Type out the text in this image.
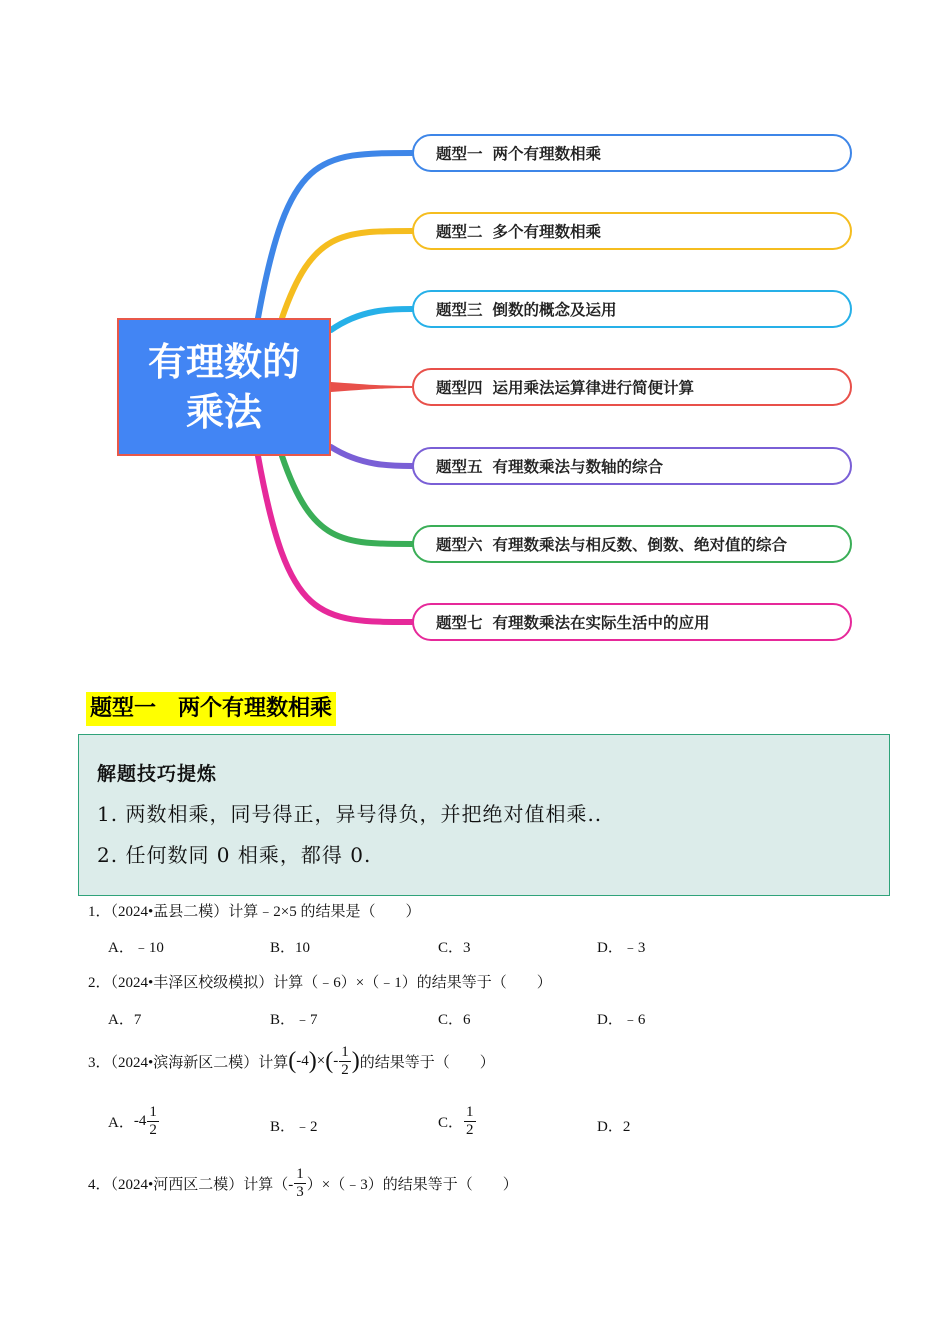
有理数的
乘法
题型一 两个有理数相乘
题型二 多个有理数相乘
题型三 倒数的概念及运用
题型四 运用乘法运算律进行简便计算
题型五 有理数乘法与数轴的综合
题型六 有理数乘法与相反数、倒数、绝对值的综合
题型七 有理数乘法在实际生活中的应用
题型一 两个有理数相乘
解题技巧提炼
1. 两数相乘，同号得正，异号得负，并把绝对值相乘..
2. 任何数同 0 相乘，都得 0.
1．（2024•盂县二模）计算﹣2×5 的结果是（　　）
A．﹣10	B．10	C．3	D．﹣3
2．（2024•丰泽区校级模拟）计算（﹣6）×（﹣1）的结果等于（　　）
A．7	B．﹣7	C．6	D．﹣6
3．（2024•滨海新区二模）计算 ( -4 ) × ( - $\frac{1}{2}$ ) 的结果等于（　　）
A． $-4 \frac{1}{2}$	B．﹣2	C． $\frac{1}{2}$	D．2
4．（2024•河西区二模）计算（- $\frac{1}{3}$ ）×（﹣3）的结果等于（　　）
